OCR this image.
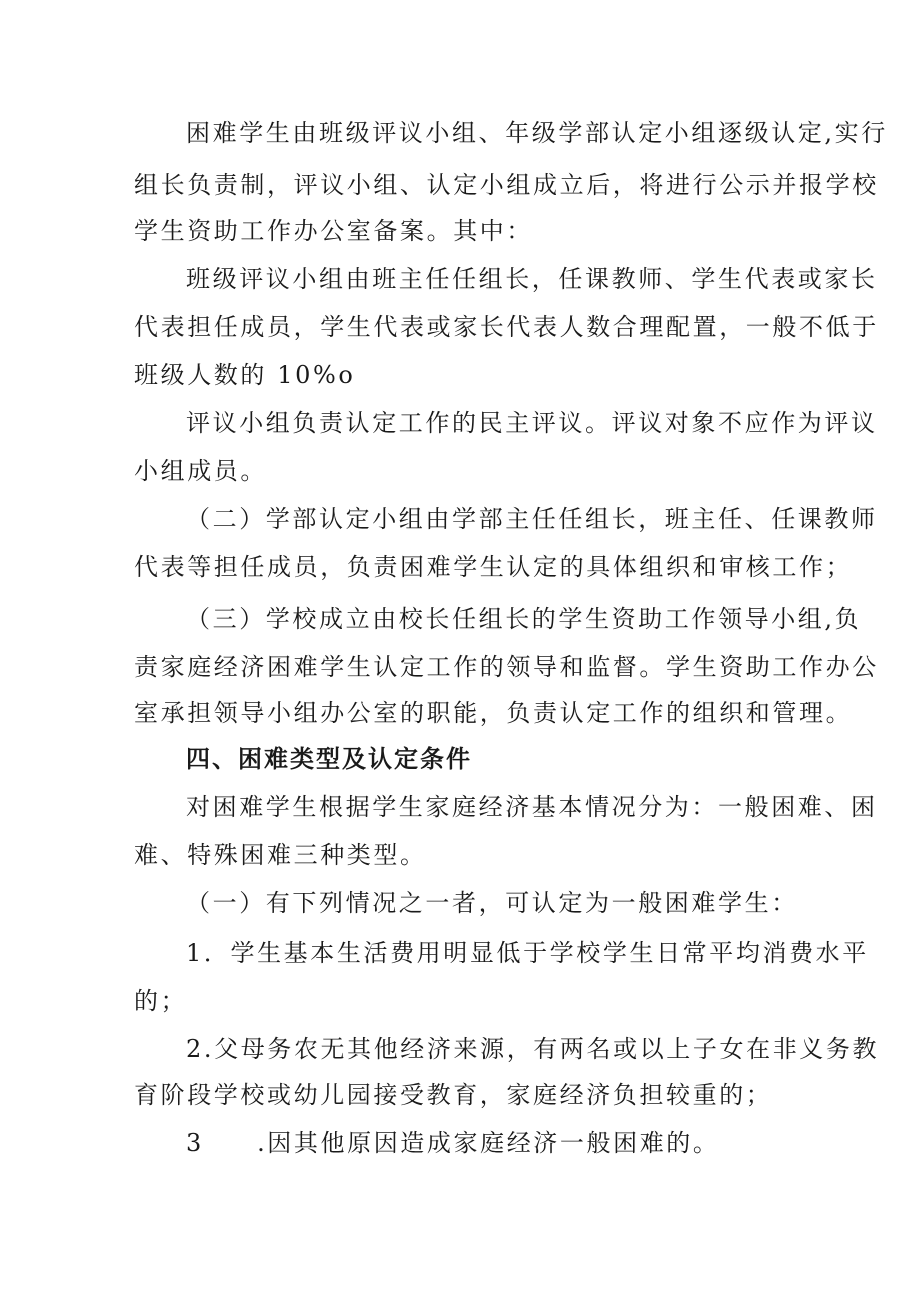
困难学生由班级评议小组、年级学部认定小组逐级认定,实行
组长负责制，评议小组、认定小组成立后，将进行公示并报学校
学生资助工作办公室备案。其中：
班级评议小组由班主任任组长，任课教师、学生代表或家长
代表担任成员，学生代表或家长代表人数合理配置，一般不低于
班级人数的 10%o
评议小组负责认定工作的民主评议。评议对象不应作为评议
小组成员。
（二）学部认定小组由学部主任任组长，班主任、任课教师
代表等担任成员，负责困难学生认定的具体组织和审核工作；
（三）学校成立由校长任组长的学生资助工作领导小组,负
责家庭经济困难学生认定工作的领导和监督。学生资助工作办公
室承担领导小组办公室的职能，负责认定工作的组织和管理。
四、困难类型及认定条件
对困难学生根据学生家庭经济基本情况分为：一般困难、困
难、特殊困难三种类型。
（一）有下列情况之一者，可认定为一般困难学生：
1．学生基本生活费用明显低于学校学生日常平均消费水平
的；
2.父母务农无其他经济来源，有两名或以上子女在非义务教
育阶段学校或幼儿园接受教育，家庭经济负担较重的；
3　　.因其他原因造成家庭经济一般困难的。
